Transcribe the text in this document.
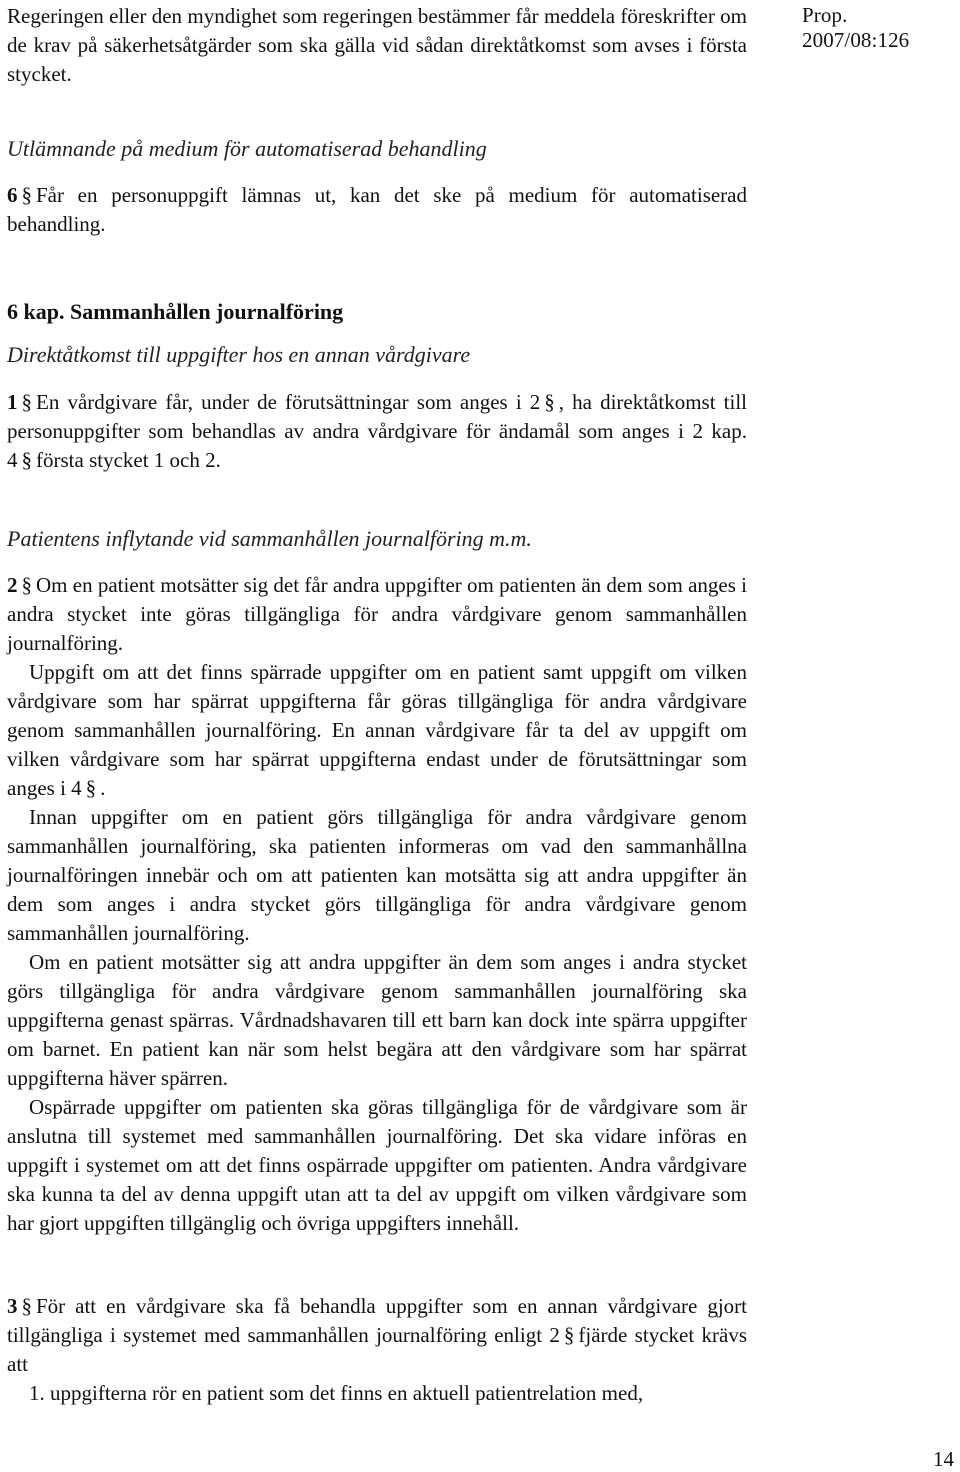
Prop. 2007/08:126

Regeringen eller den myndighet som regeringen bestämmer får meddela föreskrifter om de krav på säkerhetsåtgärder som ska gälla vid sådan direktåtkomst som avses i första stycket.

Utlämnande på medium för automatiserad behandling

6 § Får en personuppgift lämnas ut, kan det ske på medium för automatiserad behandling.

6 kap. Sammanhållen journalföring
Direktåtkomst till uppgifter hos en annan vårdgivare

1 § En vårdgivare får, under de förutsättningar som anges i 2 § , ha direktåtkomst till personuppgifter som behandlas av andra vårdgivare för ändamål som anges i 2 kap. 4 § första stycket 1 och 2.

Patientens inflytande vid sammanhållen journalföring m.m.

2 § Om en patient motsätter sig det får andra uppgifter om patienten än dem som anges i andra stycket inte göras tillgängliga för andra vårdgivare genom sammanhållen journalföring.

Uppgift om att det finns spärrade uppgifter om en patient samt uppgift om vilken vårdgivare som har spärrat uppgifterna får göras tillgängliga för andra vårdgivare genom sammanhållen journalföring. En annan vårdgivare får ta del av uppgift om vilken vårdgivare som har spärrat uppgifterna endast under de förutsättningar som anges i 4 § .

Innan uppgifter om en patient görs tillgängliga för andra vårdgivare genom sammanhållen journalföring, ska patienten informeras om vad den sammanhållna journalföringen innebär och om att patienten kan motsätta sig att andra uppgifter än dem som anges i andra stycket görs tillgängliga för andra vårdgivare genom sammanhållen journalföring.

Om en patient motsätter sig att andra uppgifter än dem som anges i andra stycket görs tillgängliga för andra vårdgivare genom sammanhållen journalföring ska uppgifterna genast spärras. Vårdnadshavaren till ett barn kan dock inte spärra uppgifter om barnet. En patient kan när som helst begära att den vårdgivare som har spärrat uppgifterna häver spärren.

Ospärrade uppgifter om patienten ska göras tillgängliga för de vårdgivare som är anslutna till systemet med sammanhållen journalföring. Det ska vidare införas en uppgift i systemet om att det finns ospärrade uppgifter om patienten. Andra vårdgivare ska kunna ta del av denna uppgift utan att ta del av uppgift om vilken vårdgivare som har gjort uppgiften tillgänglig och övriga uppgifters innehåll.

3 § För att en vårdgivare ska få behandla uppgifter som en annan vårdgivare gjort tillgängliga i systemet med sammanhållen journalföring enligt 2 § fjärde stycket krävs att

1. uppgifterna rör en patient som det finns en aktuell patientrelation med,

14
